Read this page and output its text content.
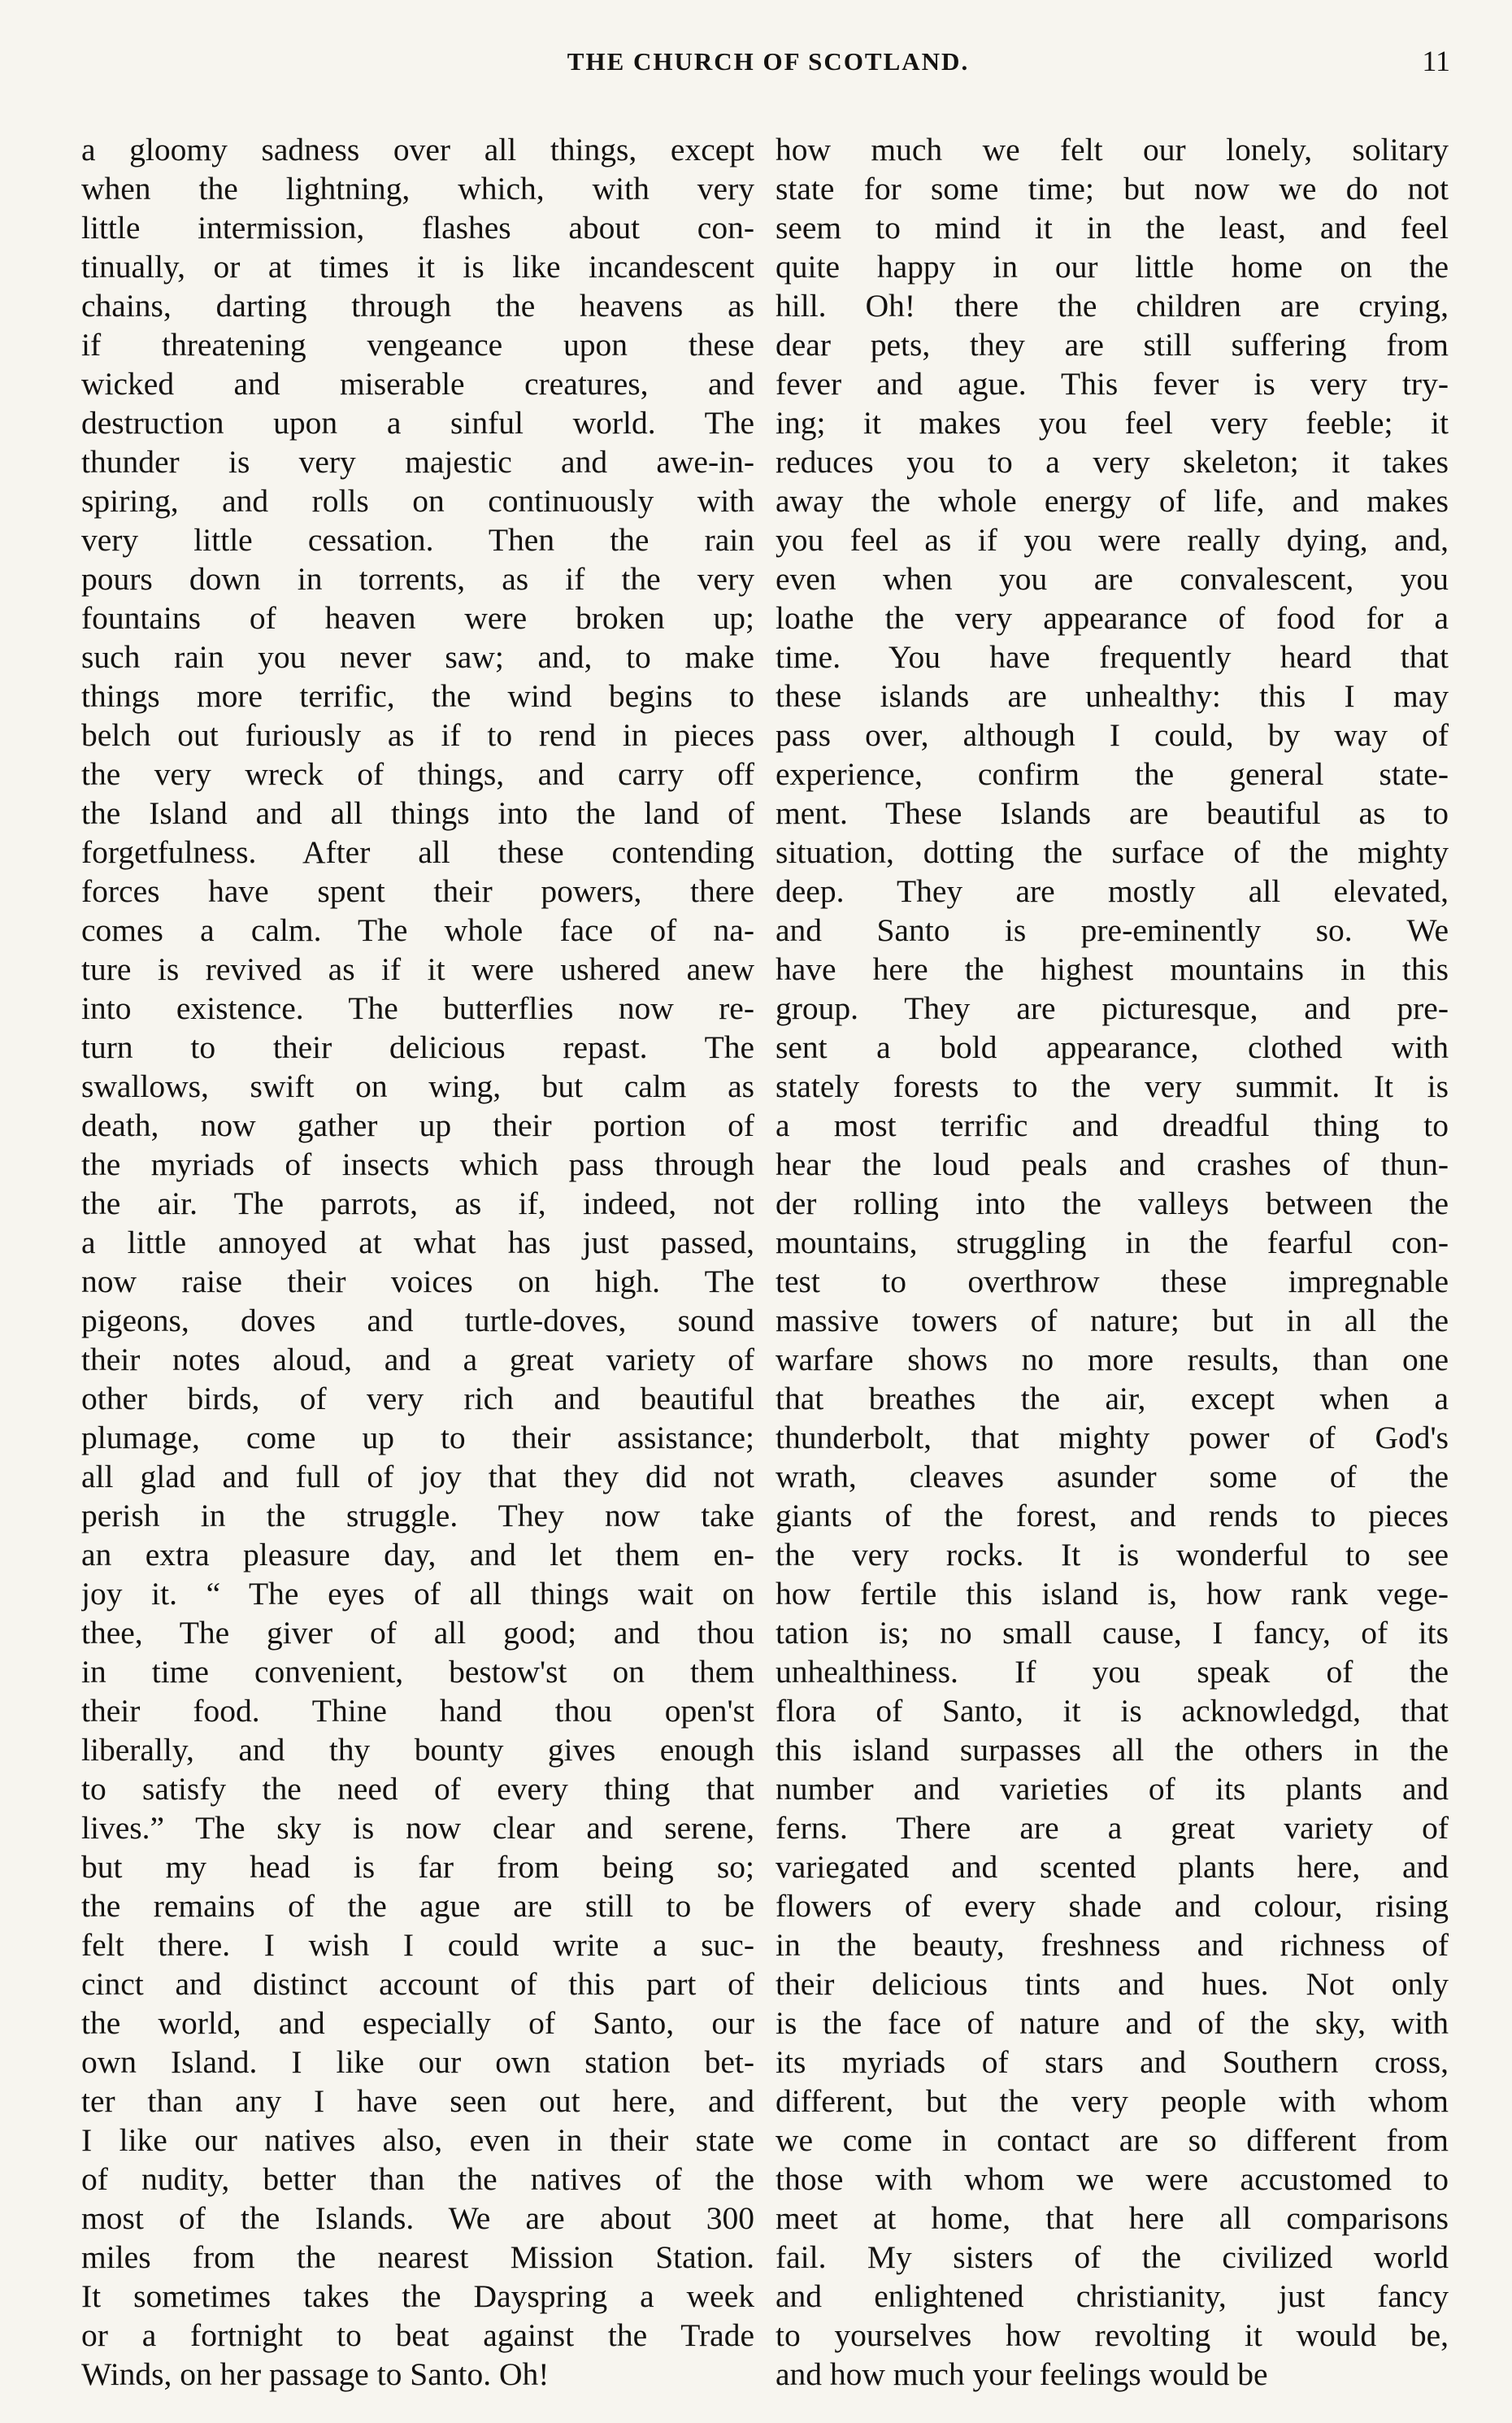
THE CHURCH OF SCOTLAND.	11
a gloomy sadness over all things, except
when the lightning, which, with very
little intermission, flashes about con-
tinually, or at times it is like incandescent
chains, darting through the heavens as
if threatening vengeance upon these
wicked and miserable creatures, and
destruction upon a sinful world. The
thunder is very majestic and awe-in-
spiring, and rolls on continuously with
very little cessation. Then the rain
pours down in torrents, as if the very
fountains of heaven were broken up;
such rain you never saw; and, to make
things more terrific, the wind begins to
belch out furiously as if to rend in pieces
the very wreck of things, and carry off
the Island and all things into the land of
forgetfulness. After all these contending
forces have spent their powers, there
comes a calm. The whole face of na-
ture is revived as if it were ushered anew
into existence. The butterflies now re-
turn to their delicious repast. The
swallows, swift on wing, but calm as
death, now gather up their portion of
the myriads of insects which pass through
the air. The parrots, as if, indeed, not
a little annoyed at what has just passed,
now raise their voices on high. The
pigeons, doves and turtle-doves, sound
their notes aloud, and a great variety of
other birds, of very rich and beautiful
plumage, come up to their assistance;
all glad and full of joy that they did not
perish in the struggle. They now take
an extra pleasure day, and let them en-
joy it. “ The eyes of all things wait on
thee, The giver of all good; and thou
in time convenient, bestow'st on them
their food. Thine hand thou open'st
liberally, and thy bounty gives enough
to satisfy the need of every thing that
lives.” The sky is now clear and serene,
but my head is far from being so;
the remains of the ague are still to be
felt there. I wish I could write a suc-
cinct and distinct account of this part of
the world, and especially of Santo, our
own Island. I like our own station bet-
ter than any I have seen out here, and
I like our natives also, even in their state
of nudity, better than the natives of the
most of the Islands. We are about 300
miles from the nearest Mission Station.
It sometimes takes the Dayspring a week
or a fortnight to beat against the Trade
Winds, on her passage to Santo. Oh!
how much we felt our lonely, solitary
state for some time; but now we do not
seem to mind it in the least, and feel
quite happy in our little home on the
hill. Oh! there the children are crying,
dear pets, they are still suffering from
fever and ague. This fever is very try-
ing; it makes you feel very feeble; it
reduces you to a very skeleton; it takes
away the whole energy of life, and makes
you feel as if you were really dying, and,
even when you are convalescent, you
loathe the very appearance of food for a
time. You have frequently heard that
these islands are unhealthy: this I may
pass over, although I could, by way of
experience, confirm the general state-
ment. These Islands are beautiful as to
situation, dotting the surface of the mighty
deep. They are mostly all elevated,
and Santo is pre-eminently so. We
have here the highest mountains in this
group. They are picturesque, and pre-
sent a bold appearance, clothed with
stately forests to the very summit. It is
a most terrific and dreadful thing to
hear the loud peals and crashes of thun-
der rolling into the valleys between the
mountains, struggling in the fearful con-
test to overthrow these impregnable
massive towers of nature; but in all the
warfare shows no more results, than one
that breathes the air, except when a
thunderbolt, that mighty power of God's
wrath, cleaves asunder some of the
giants of the forest, and rends to pieces
the very rocks. It is wonderful to see
how fertile this island is, how rank vege-
tation is; no small cause, I fancy, of its
unhealthiness. If you speak of the
flora of Santo, it is acknowledgd, that
this island surpasses all the others in the
number and varieties of its plants and
ferns. There are a great variety of
variegated and scented plants here, and
flowers of every shade and colour, rising
in the beauty, freshness and richness of
their delicious tints and hues. Not only
is the face of nature and of the sky, with
its myriads of stars and Southern cross,
different, but the very people with whom
we come in contact are so different from
those with whom we were accustomed to
meet at home, that here all comparisons
fail. My sisters of the civilized world
and enlightened christianity, just fancy
to yourselves how revolting it would be,
and how much your feelings would be
